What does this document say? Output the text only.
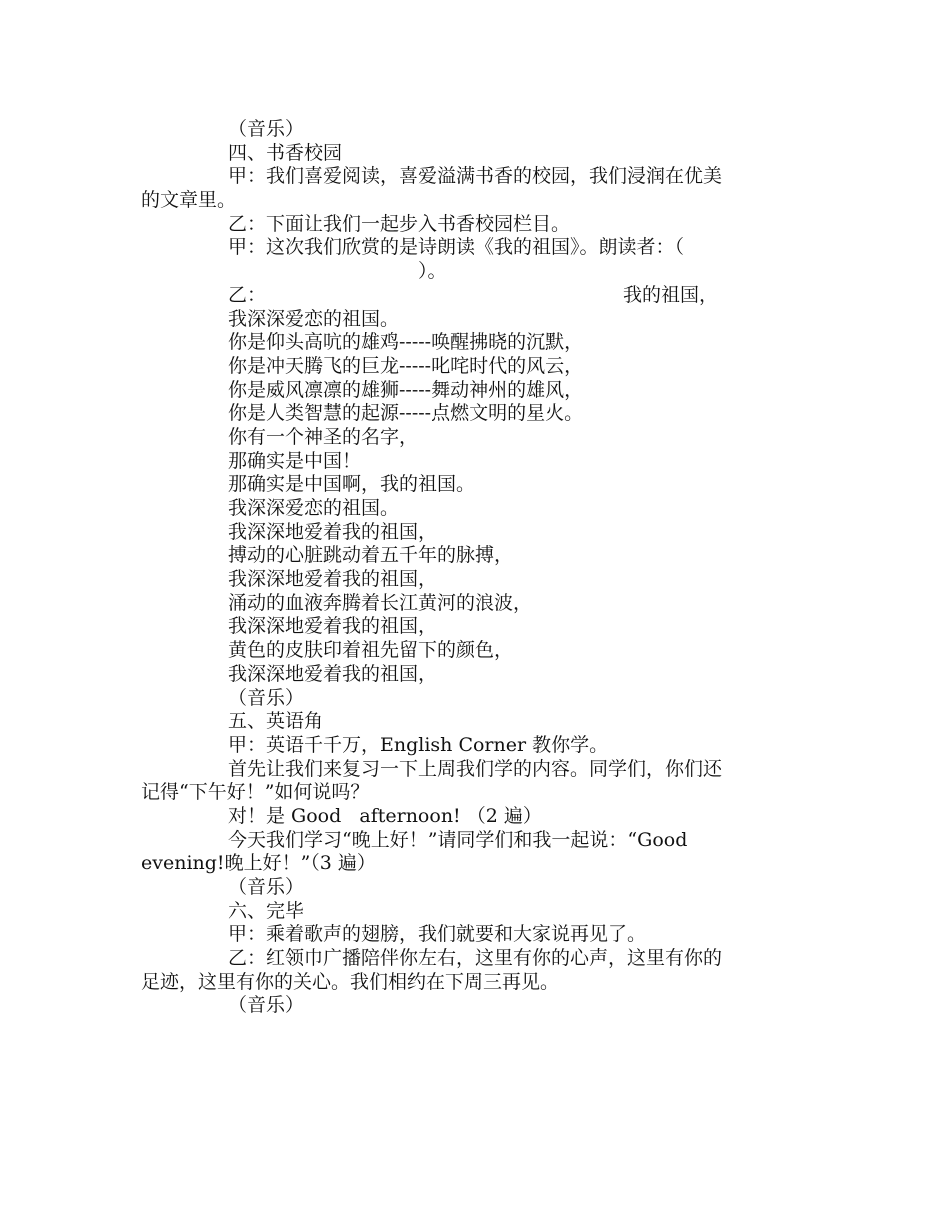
（音乐）
四、书香校园
甲：我们喜爱阅读，喜爱溢满书香的校园，我们浸润在优美
的文章里。
乙：下面让我们一起步入书香校园栏目。
甲：这次我们欣赏的是诗朗读《我的祖国》。朗读者：（
）。
乙：	我的祖国，
我深深爱恋的祖国。
你是仰头高吭的雄鸡-----唤醒拂晓的沉默，
你是冲天腾飞的巨龙-----叱咤时代的风云，
你是威风凛凛的雄狮-----舞动神州的雄风，
你是人类智慧的起源-----点燃文明的星火。
你有一个神圣的名字，
那确实是中国！
那确实是中国啊，我的祖国。
我深深爱恋的祖国。
我深深地爱着我的祖国，
搏动的心脏跳动着五千年的脉搏，
我深深地爱着我的祖国，
涌动的血液奔腾着长江黄河的浪波，
我深深地爱着我的祖国，
黄色的皮肤印着祖先留下的颜色，
我深深地爱着我的祖国，
（音乐）
五、英语角
甲：英语千千万，English Corner 教你学。
首先让我们来复习一下上周我们学的内容。同学们，你们还
记得“下午好！”如何说吗？
对！是 Good   afternoon! （2 遍）
今天我们学习“晚上好！”请同学们和我一起说：“Good
evening!晚上好！”（3 遍）
（音乐）
六、完毕
甲：乘着歌声的翅膀，我们就要和大家说再见了。
乙：红领巾广播陪伴你左右，这里有你的心声，这里有你的
足迹，这里有你的关心。我们相约在下周三再见。
（音乐）
